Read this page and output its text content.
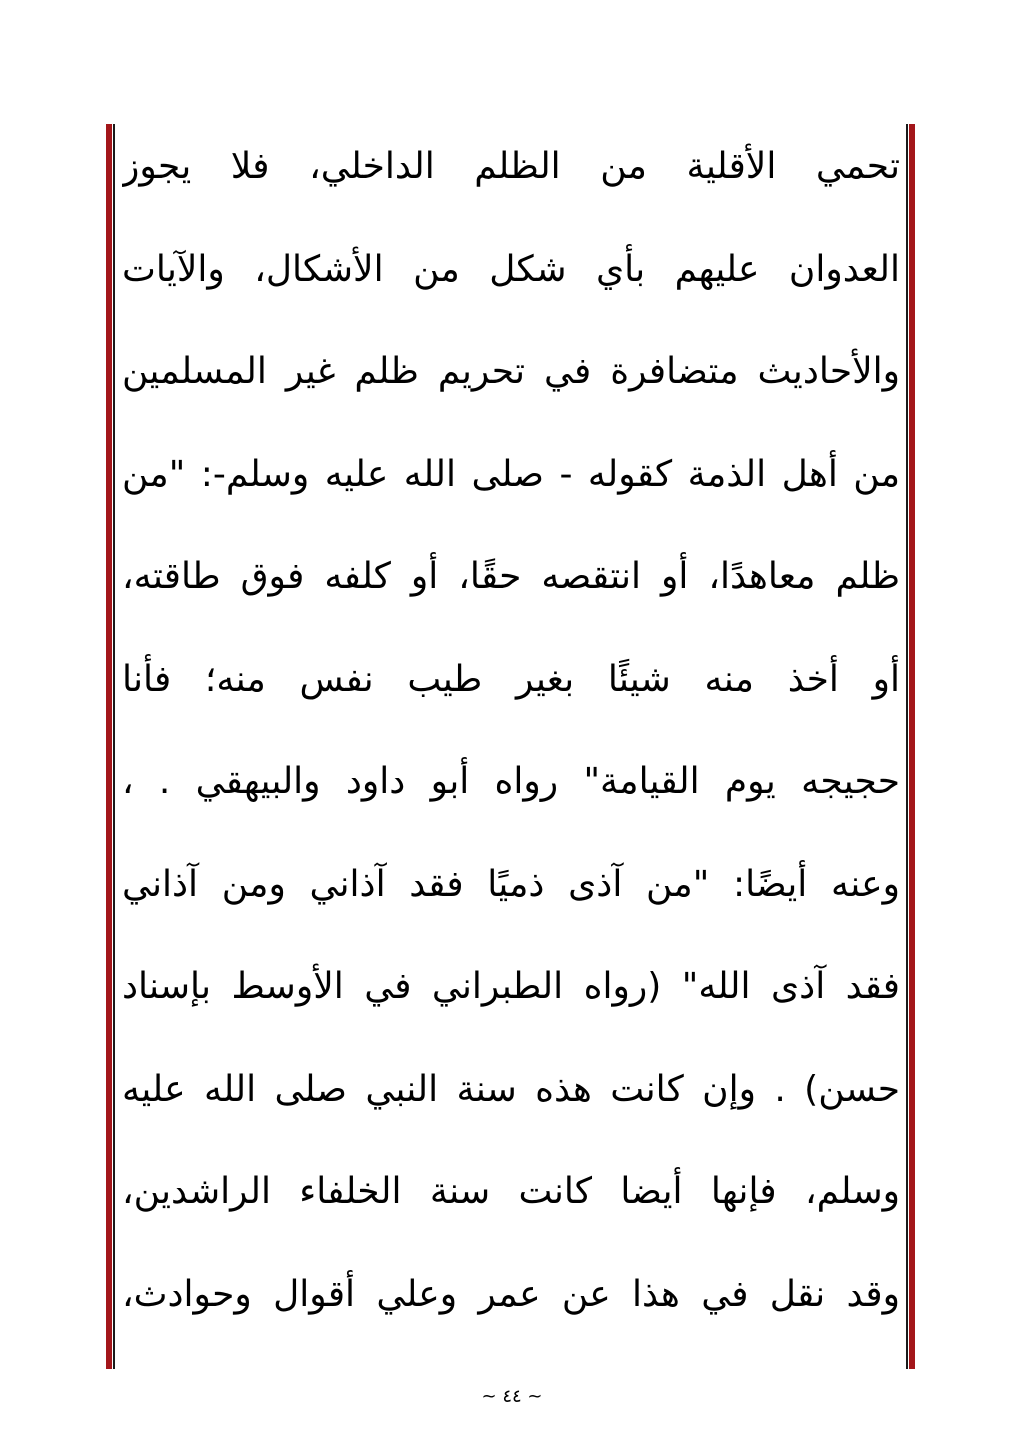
تحمي الأقلية من الظلم الداخلي، فلا يجوز
العدوان عليهم بأي شكل من الأشكال، والآيات
والأحاديث متضافرة في تحريم ظلم غير المسلمين
من أهل الذمة كقوله - صلى الله عليه وسلم-: "من
ظلم معاهدًا، أو انتقصه حقًا، أو كلفه فوق طاقته،
أو أخذ منه شيئًا بغير طيب نفس منه؛ فأنا
حجيجه يوم القيامة" رواه أبو داود والبيهقي . ،
وعنه أيضًا: "من آذى ذميًا فقد آذاني ومن آذاني
فقد آذى الله" (رواه الطبراني في الأوسط بإسناد
حسن) . وإن كانت هذه سنة النبي صلى الله عليه
وسلم، فإنها أيضا كانت سنة الخلفاء الراشدين،
وقد نقل في هذا عن عمر وعلي أقوال وحوادث،
~ ٤٤ ~
